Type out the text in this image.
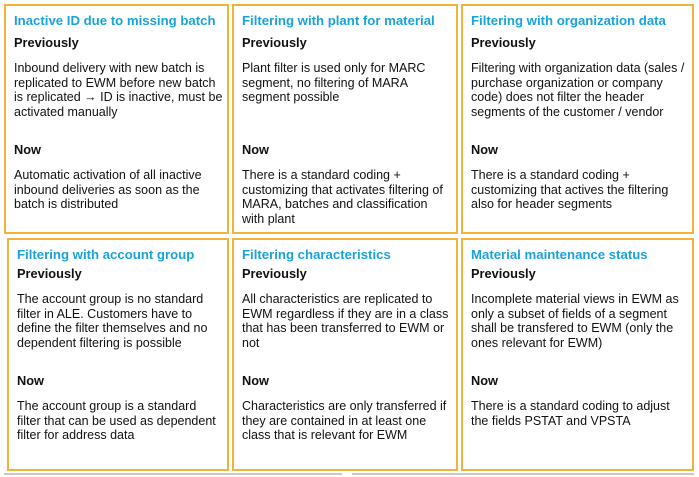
Inactive ID due to missing batch
Previously
Inbound delivery with new batch is replicated to EWM before new batch is replicated → ID is inactive, must be activated manually
Now
Automatic activation of all inactive inbound deliveries as soon as the batch is distributed
Filtering with plant for material
Previously
Plant filter is used only for MARC segment, no filtering of MARA segment possible
Now
There is a standard coding + customizing that activates filtering of MARA, batches and classification with plant
Filtering with organization data
Previously
Filtering with organization data (sales / purchase organization or company code) does not filter the header segments of the customer / vendor
Now
There is a standard coding + customizing that actives the filtering also for header segments
Filtering with account group
Previously
The account group is no standard filter in ALE. Customers have to define the filter themselves and no dependent filtering is possible
Now
The account group is a standard filter that can be used as dependent filter for address data
Filtering characteristics
Previously
All characteristics are replicated to EWM regardless if they are in a class that has been transferred to EWM or not
Now
Characteristics are only transferred if they are contained in at least one class that is relevant for EWM
Material maintenance status
Previously
Incomplete material views in EWM as only a subset of fields of a segment shall be transfered to EWM (only the ones relevant for EWM)
Now
There is a standard coding to adjust the fields PSTAT and VPSTA
